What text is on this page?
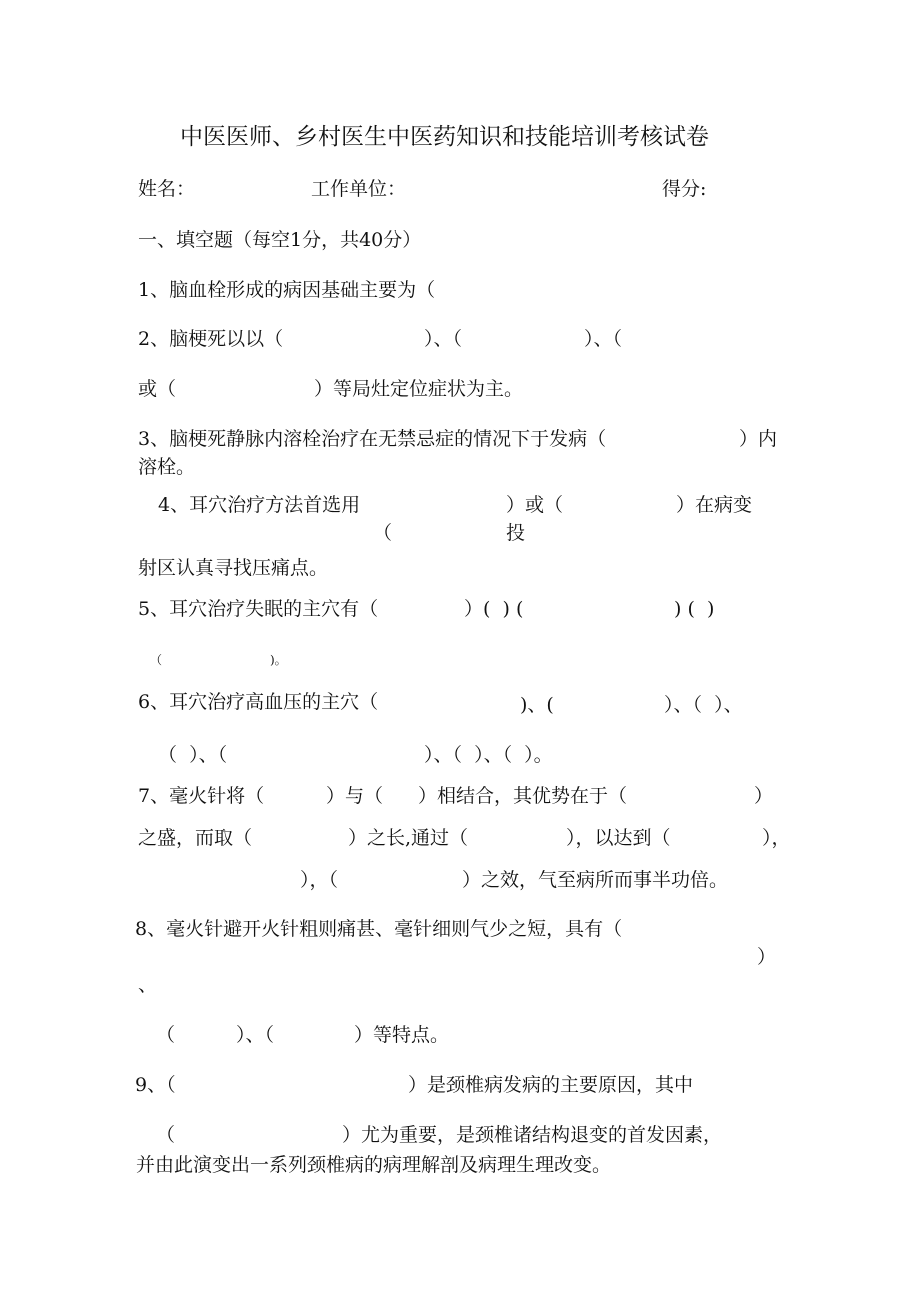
中医医师、乡村医生中医药知识和技能培训考核试卷
姓名：	工作单位：	得分:
一、填空题（每空1分，共40分）
1、脑血栓形成的病因基础主要为（
2、脑梗死以以（	）、（	）、（
或（	）等局灶定位症状为主。
3、脑梗死静脉内溶栓治疗在无禁忌症的情况下于发病（	）内
溶栓。
4、耳穴治疗方法首选用	）或（	）在病变
（	投
射区认真寻找压痛点。
5、耳穴治疗失眠的主穴有（	）(  ) (	) (  )
（	)。
6、耳穴治疗高血压的主穴（	)、(	）、（  ）、
（  ）、（	）、（  ）、（  ）。
7、毫火针将（	）与（ ）相结合，其优势在于（	）
之盛，而取（	）之长,通过（	），以达到（	），
），（	）之效，气至病所而事半功倍。
8、毫火针避开火针粗则痛甚、毫针细则气少之短，具有（
）
、
（	）、（	）等特点。
9、（	）是颈椎病发病的主要原因，其中
（	）尤为重要，是颈椎诸结构退变的首发因素，
并由此演变出一系列颈椎病的病理解剖及病理生理改变。
